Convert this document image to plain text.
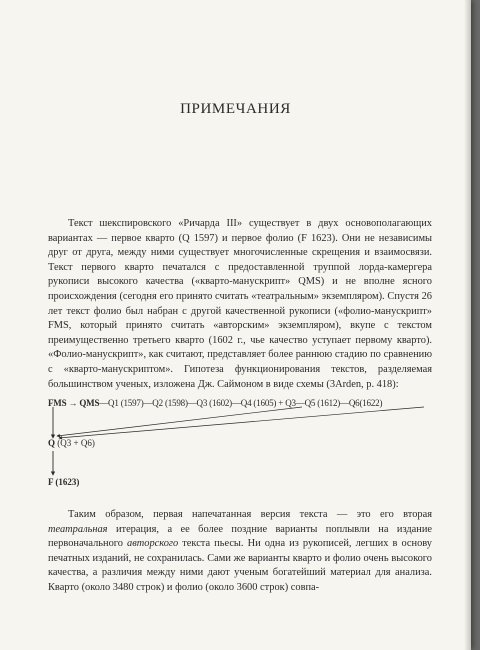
ПРИМЕЧАНИЯ
Текст шекспировского «Ричарда III» существует в двух основополагающих вариантах — первое кварто (Q 1597) и первое фолио (F 1623). Они не независимы друг от друга, между ними существует многочисленные скрещения и взаимосвязи. Текст первого кварто печатался с предоставленной труппой лорда-камергера рукописи высокого качества («кварто-манускрипт» QMS) и не вполне ясного происхождения (сегодня его принято считать «театральным» экземпляром). Спустя 26 лет текст фолио был набран с другой качественной рукописи («фолио-манускрипт» FMS, который принято считать «авторским» экземпляром), вкупе с текстом преимущественно третьего кварто (1602 г., чье качество уступает первому кварто). «Фолио-манускрипт», как считают, представляет более раннюю стадию по сравнению с «кварто-манускриптом». Гипотеза функционирования текстов, разделяемая большинством ученых, изложена Дж. Саймоном в виде схемы (3Arden, p. 418):
FMS → QMS—Q1 (1597)—Q2 (1598)—Q3 (1602)—Q4 (1605) + Q3—Q5 (1612)—Q6(1622)
Q (Q3 + Q6)
F (1623)
Таким образом, первая напечатанная версия текста — это его вторая театральная итерация, а ее более поздние варианты поплывли на издание первоначального авторского текста пьесы. Ни одна из рукописей, легших в основу печатных изданий, не сохранилась. Сами же варианты кварто и фолио очень высокого качества, а различия между ними дают ученым богатейший материал для анализа. Кварто (около 3480 строк) и фолио (около 3600 строк) совпа-
